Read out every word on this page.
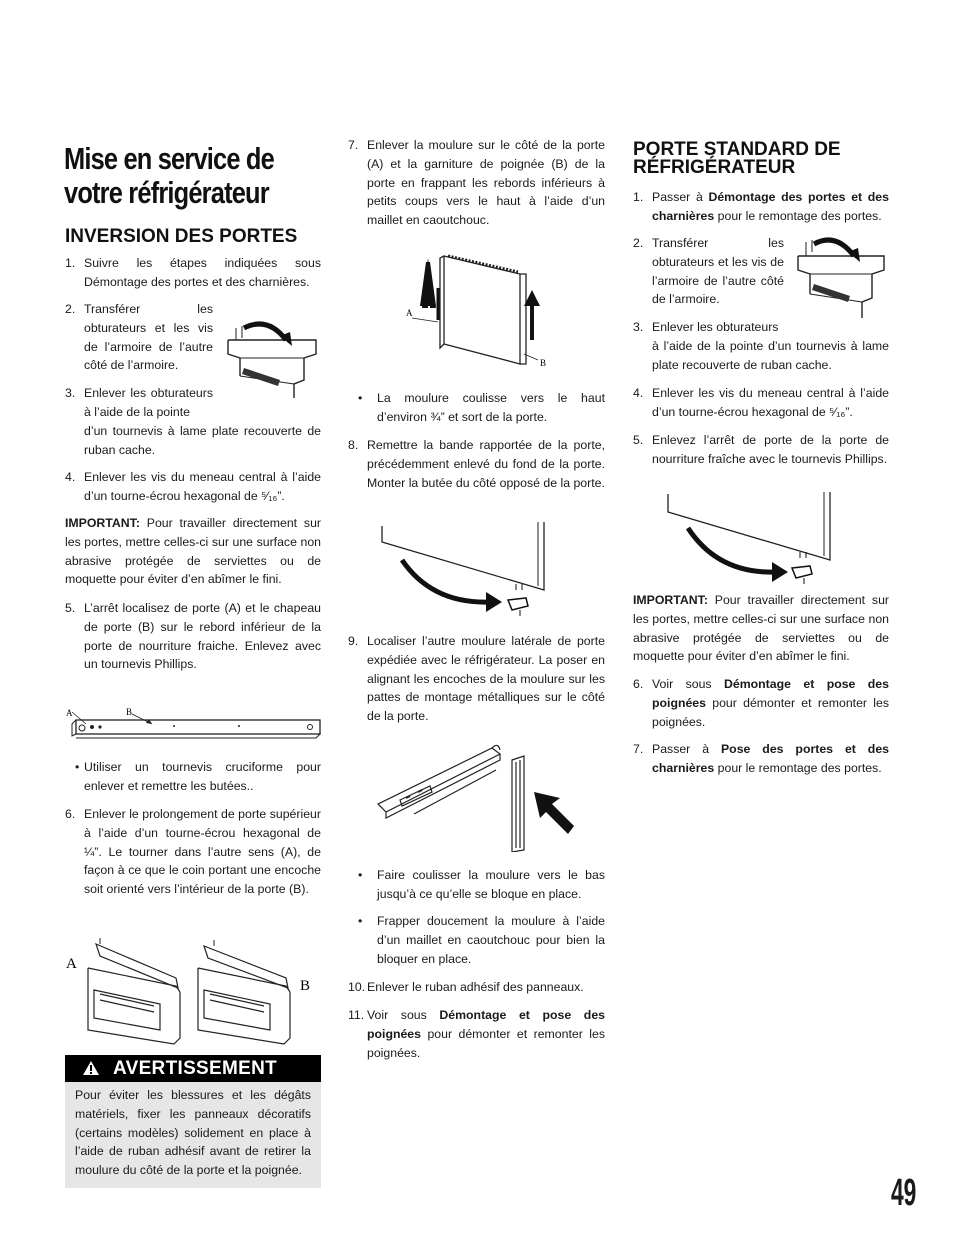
Mise en service de votre réfrigérateur
INVERSION DES PORTES
1. Suivre les étapes indiquées sous Démontage des portes et des charnières.
2. Transférer les obturateurs et les vis de l’armoire de l’autre côté de l’armoire.
3. Enlever les obturateurs à l’aide de la pointe
d’un tournevis à lame plate recouverte de ruban cache.
4. Enlever les vis du meneau central à l’aide d’un tourne-écrou hexagonal de ⁵⁄₁₆”.

IMPORTANT: Pour travailler directement sur les portes, mettre celles-ci sur une surface non abrasive protégée de serviettes ou de moquette pour éviter d’en abîmer le fini.

5. L’arrêt localisez de porte (A) et le chapeau de porte (B) sur le rebord inférieur de la porte de nourriture fraiche. Enlevez avec un tournevis Phillips.
A	B
• Utiliser un tournevis cruciforme pour enlever et remettre les butées..
6. Enlever le prolongement de porte supérieur à l’aide d’un tourne-écrou hexagonal de ¼”. Le tourner dans l’autre sens (A), de façon à ce que le coin portant une encoche soit orienté vers l’intérieur de la porte (B).
A
B
AVERTISSEMENT
Pour éviter les blessures et les dégâts matériels, fixer les panneaux décoratifs (certains modèles) solidement en place à l’aide de ruban adhésif avant de retirer la moulure du côté de la porte et la poignée.
7. Enlever la moulure sur le côté de la porte (A) et la garniture de poignée (B) de la porte en frappant les rebords inférieurs à petits coups vers le haut à l’aide d’un maillet en caoutchouc.
A
B
• La moulure coulisse vers le haut d’environ ¾” et sort de la porte.
8. Remettre la bande rapportée de la porte, précédemment enlevé du fond de la porte. Monter la butée du côté opposé de la porte.
9. Localiser l’autre moulure latérale de porte expédiée avec le réfrigérateur. La poser en alignant les encoches de la moulure sur les pattes de montage métalliques sur le côté de la porte.
• Faire coulisser la moulure vers le bas jusqu’à ce qu’elle se bloque en place.
• Frapper doucement la moulure à l’aide d’un maillet en caoutchouc pour bien la bloquer en place.
10. Enlever le ruban adhésif des panneaux.
11. Voir sous Démontage et pose des poignées pour démonter et remonter les poignées.
PORTE STANDARD DE RÉFRIGÉRATEUR
1. Passer à Démontage des portes et des charnières pour le remontage des portes.
2. Transférer les obturateurs et les vis de l’armoire de l’autre côté de l’armoire.
3. Enlever les obturateurs
à l’aide de la pointe d’un tournevis à lame plate recouverte de ruban cache.
4. Enlever les vis du meneau central à l’aide d’un tourne-écrou hexagonal de ⁵⁄₁₆”.
5. Enlevez l’arrêt de porte de la porte de nourriture fraîche avec le tournevis Phillips.

IMPORTANT: Pour travailler directement sur les portes, mettre celles-ci sur une surface non abrasive protégée de serviettes ou de moquette pour éviter d’en abîmer le fini.

6. Voir sous Démontage et pose des poignées pour démonter et remonter les poignées.
7. Passer à Pose des portes et des charnières pour le remontage des portes.
49
